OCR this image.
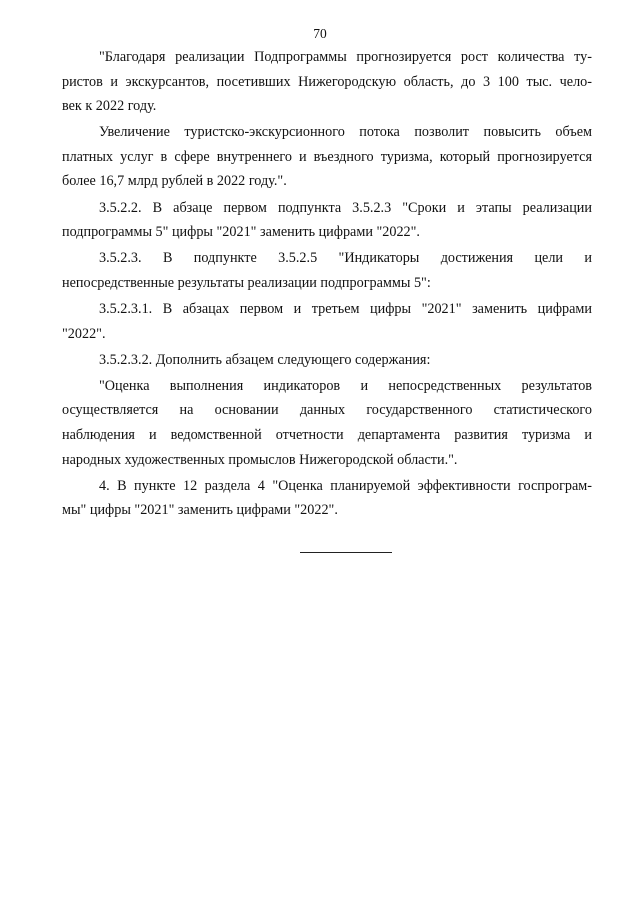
70
"Благодаря реализации Подпрограммы прогнозируется рост количества ту-
ристов и экскурсантов, посетивших Нижегородскую область, до 3 100 тыс. чело-
век к 2022 году.
Увеличение туристско-экскурсионного потока позволит повысить объем
платных услуг в сфере внутреннего и въездного туризма, который прогнозируется
более 16,7 млрд рублей в 2022 году.".
3.5.2.2. В абзаце первом подпункта 3.5.2.3 "Сроки и этапы реализации
подпрограммы 5" цифры "2021" заменить цифрами "2022".
3.5.2.3. В подпункте 3.5.2.5 "Индикаторы достижения цели и
непосредственные результаты реализации подпрограммы 5":
3.5.2.3.1. В абзацах первом и третьем цифры "2021" заменить цифрами
"2022".
3.5.2.3.2. Дополнить абзацем следующего содержания:
"Оценка выполнения индикаторов и непосредственных результатов
осуществляется на основании данных государственного статистического
наблюдения и ведомственной отчетности департамента развития туризма и
народных художественных промыслов Нижегородской области.".
4. В пункте 12 раздела 4 "Оценка планируемой эффективности госпрограм-
мы" цифры "2021" заменить цифрами "2022".
